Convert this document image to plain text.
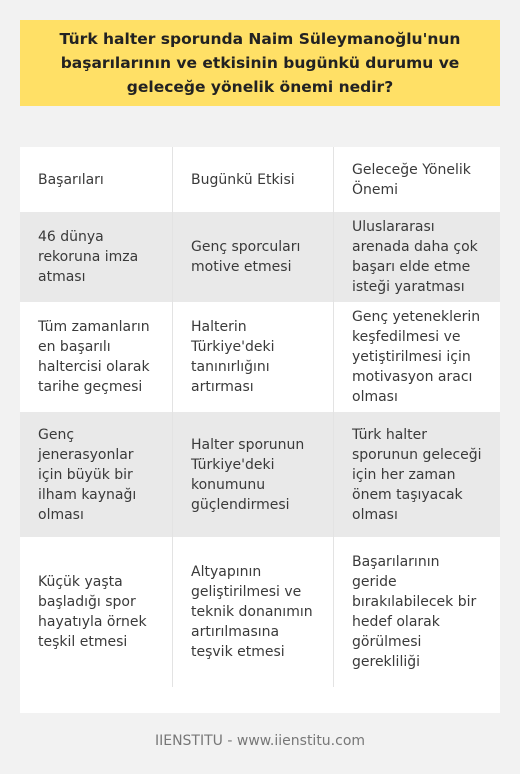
Türk halter sporunda Naim Süleymanoğlu'nun başarılarının ve etkisinin bugünkü durumu ve geleceğe yönelik önemi nedir?

Başarıları	Bugünkü Etkisi
Geleceğe Yönelik Önemi
46 dünya rekoruna imza atması
Genç sporcuları motive etmesi
Uluslararası arenada daha çok başarı elde etme isteği yaratması
Tüm zamanların en başarılı haltercisi olarak tarihe geçmesi
Halterin Türkiye'deki tanınırlığını artırması
Genç yeteneklerin keşfedilmesi ve yetiştirilmesi için motivasyon aracı olması
Genç jenerasyonlar için büyük bir ilham kaynağı olması
Halter sporunun Türkiye'deki konumunu güçlendirmesi
Türk halter sporunun geleceği için her zaman önem taşıyacak olması
Küçük yaşta başladığı spor hayatıyla örnek teşkil etmesi
Altyapının geliştirilmesi ve teknik donanımın artırılmasına teşvik etmesi
Başarılarının geride bırakılabilecek bir hedef olarak görülmesi gerekliliği
IIENSTITU - www.iienstitu.com
